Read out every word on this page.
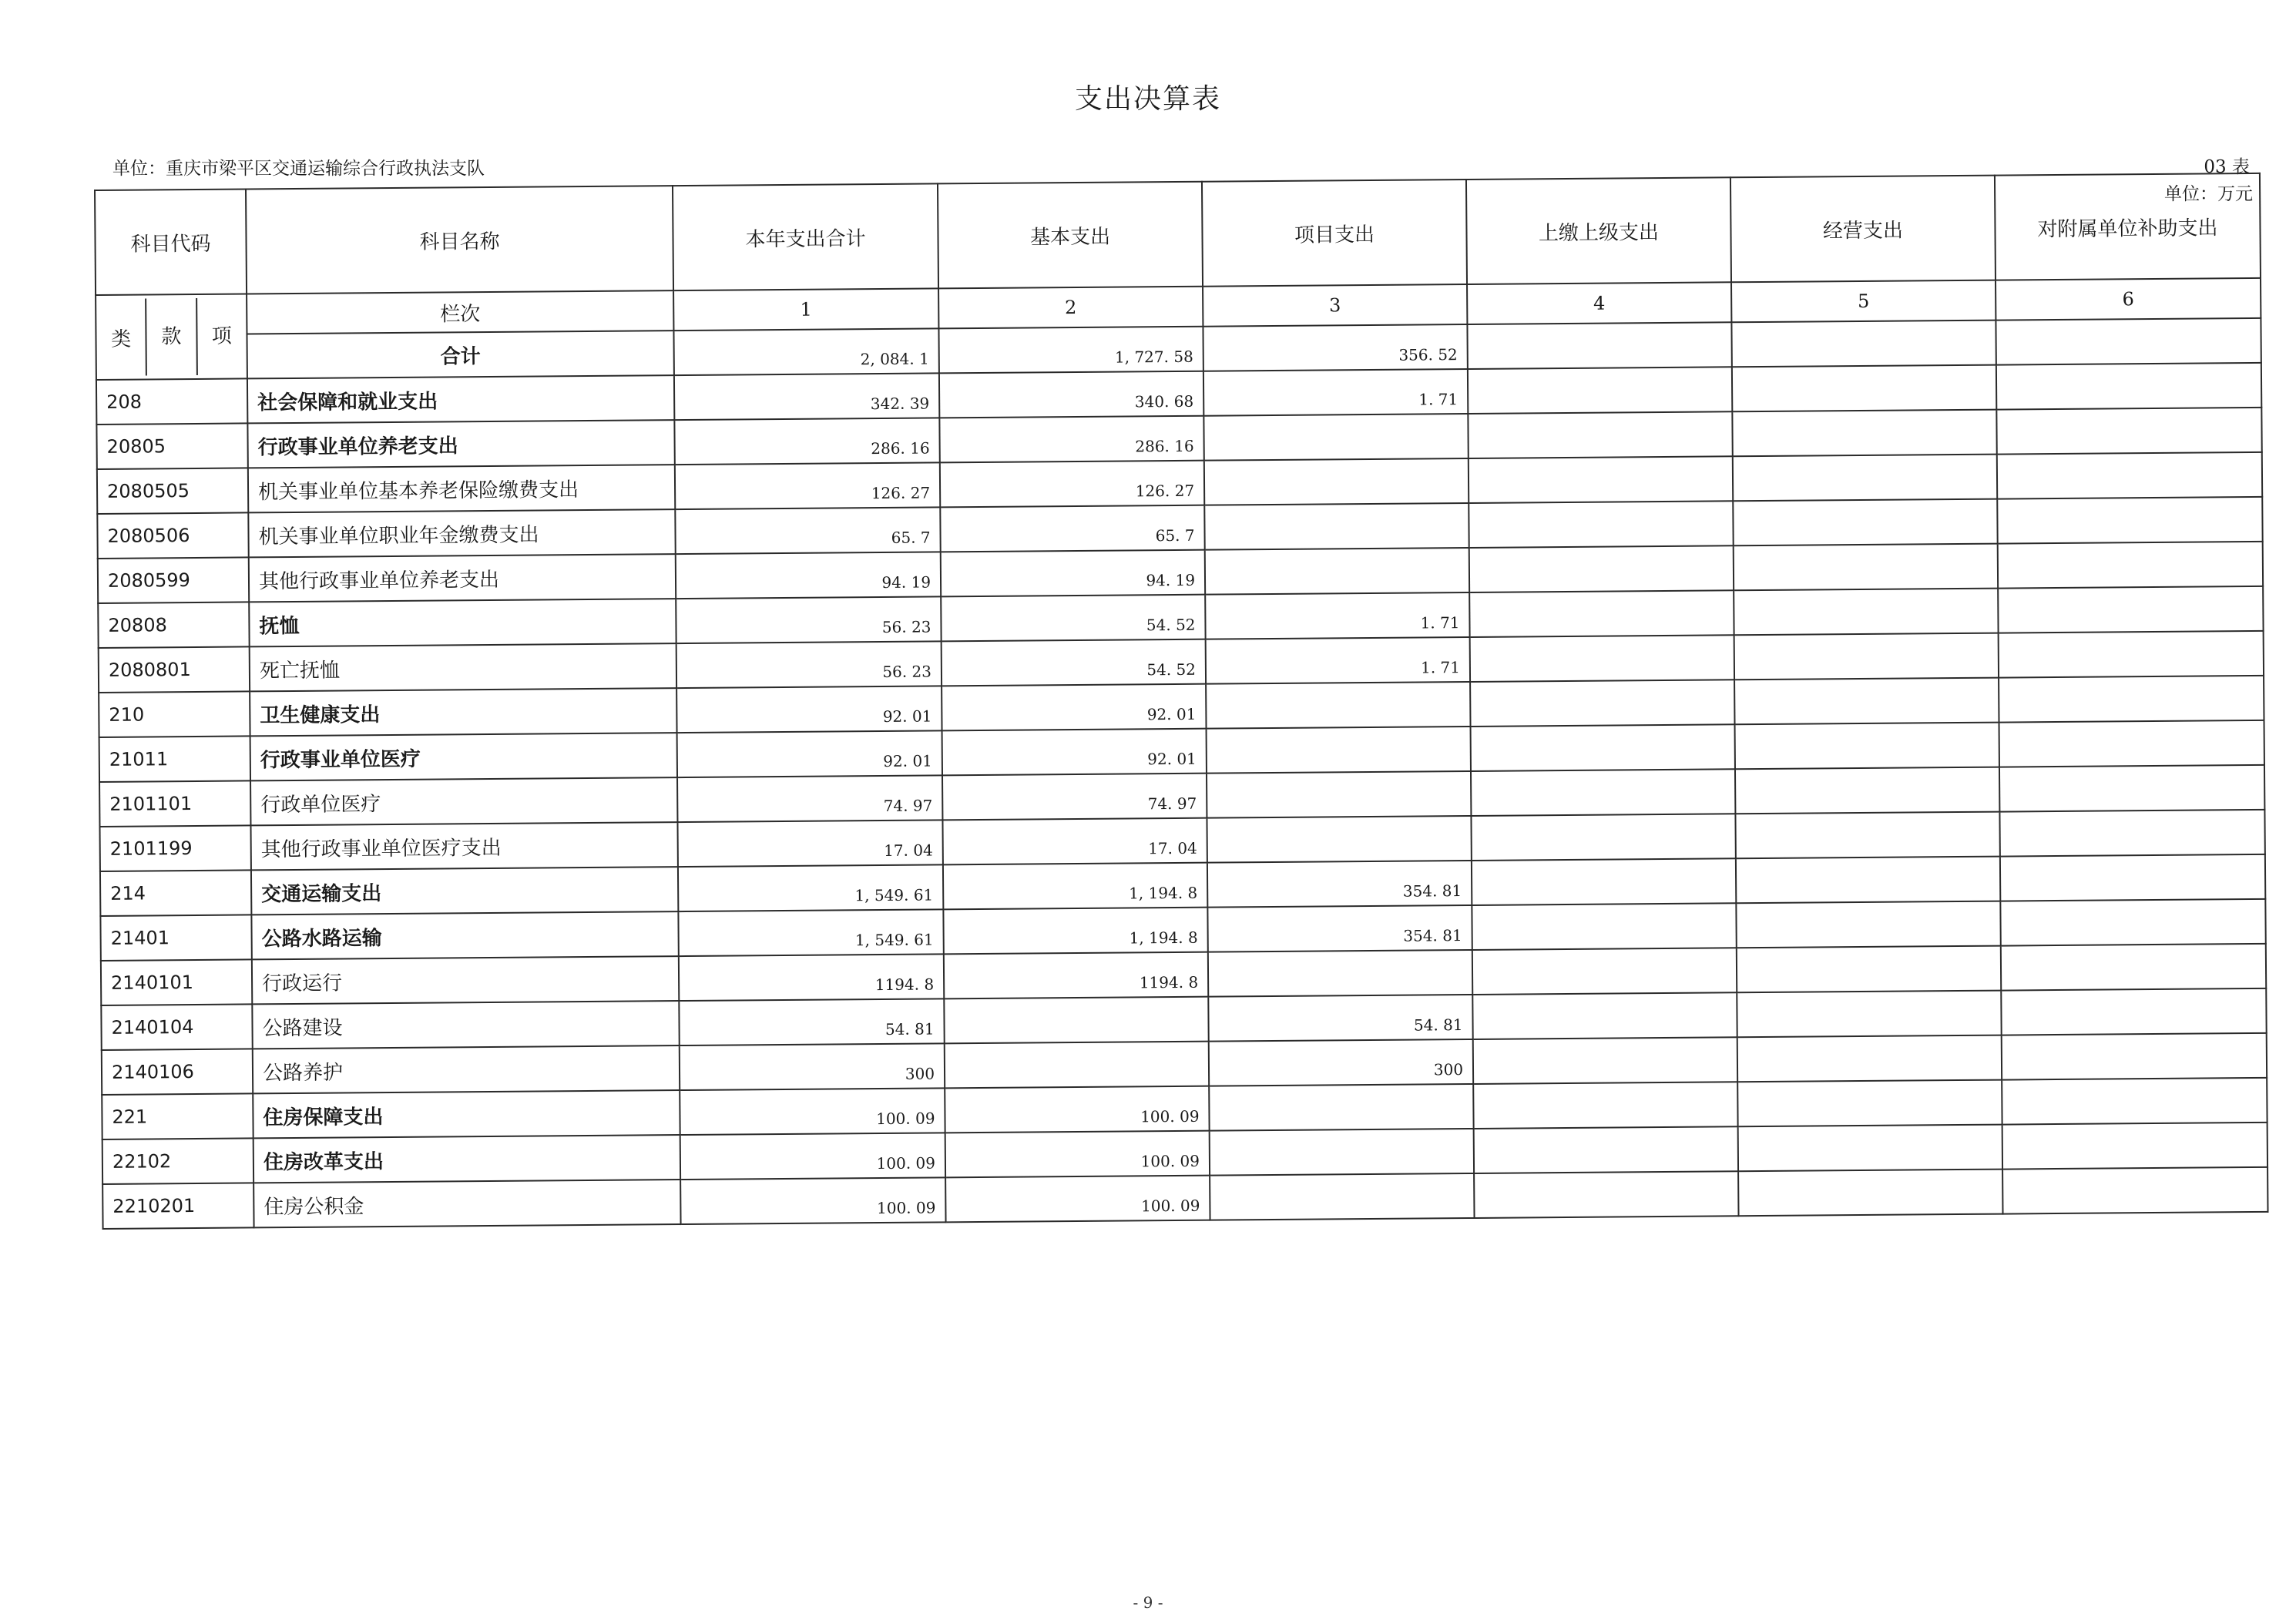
支出决算表
单位：重庆市梁平区交通运输综合行政执法支队	03 表
单位：万元
科目代码	科目名称	本年支出合计	基本支出	项目支出	上缴上级支出	经营支出	对附属单位补助支出

类 款 项	栏次	1	2	3	4	5	6
	合计	2, 084. 1	1, 727. 58	356. 52			
208	社会保障和就业支出	342. 39	340. 68	1. 71			
20805	行政事业单位养老支出	286. 16	286. 16				
2080505	机关事业单位基本养老保险缴费支出	126. 27	126. 27				
2080506	机关事业单位职业年金缴费支出	65. 7	65. 7				
2080599	其他行政事业单位养老支出	94. 19	94. 19				
20808	抚恤	56. 23	54. 52	1. 71			
2080801	死亡抚恤	56. 23	54. 52	1. 71			
210	卫生健康支出	92. 01	92. 01				
21011	行政事业单位医疗	92. 01	92. 01				
2101101	行政单位医疗	74. 97	74. 97				
2101199	其他行政事业单位医疗支出	17. 04	17. 04				
214	交通运输支出	1, 549. 61	1, 194. 8	354. 81			
21401	公路水路运输	1, 549. 61	1, 194. 8	354. 81			
2140101	行政运行	1194. 8	1194. 8				
2140104	公路建设	54. 81		54. 81			
2140106	公路养护	300		300			
221	住房保障支出	100. 09	100. 09				
22102	住房改革支出	100. 09	100. 09				
2210201	住房公积金	100. 09	100. 09				
- 9 -
